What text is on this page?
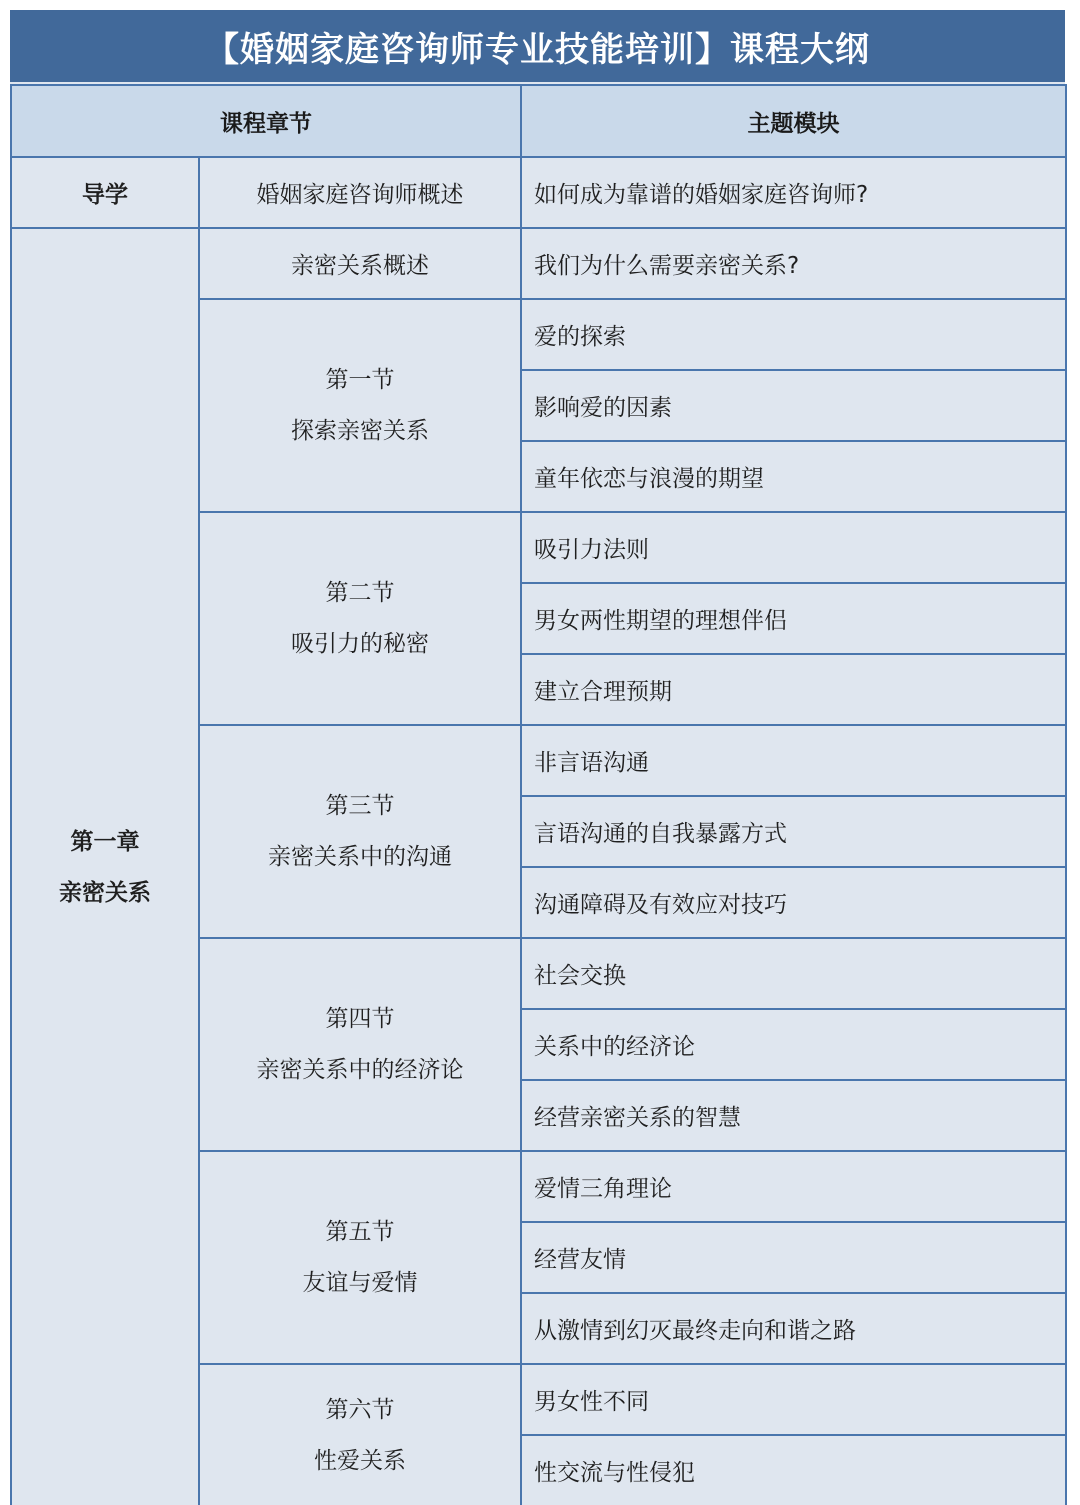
【婚姻家庭咨询师专业技能培训】课程大纲
课程章节		主题模块
导学	婚姻家庭咨询师概述	如何成为靠谱的婚姻家庭咨询师?

第一章
亲密关系	亲密关系概述	我们为什么需要亲密关系?

	第一节
探索亲密关系	爱的探索
		影响爱的因素
		童年依恋与浪漫的期望

	第二节
吸引力的秘密	吸引力法则
		男女两性期望的理想伴侣
		建立合理预期

	第三节
亲密关系中的沟通	非言语沟通
		言语沟通的自我暴露方式
		沟通障碍及有效应对技巧

	第四节
亲密关系中的经济论	社会交换
		关系中的经济论
		经营亲密关系的智慧

	第五节
友谊与爱情	爱情三角理论
		经营友情
		从激情到幻灭最终走向和谐之路

	第六节
性爱关系	男女性不同
		性交流与性侵犯
